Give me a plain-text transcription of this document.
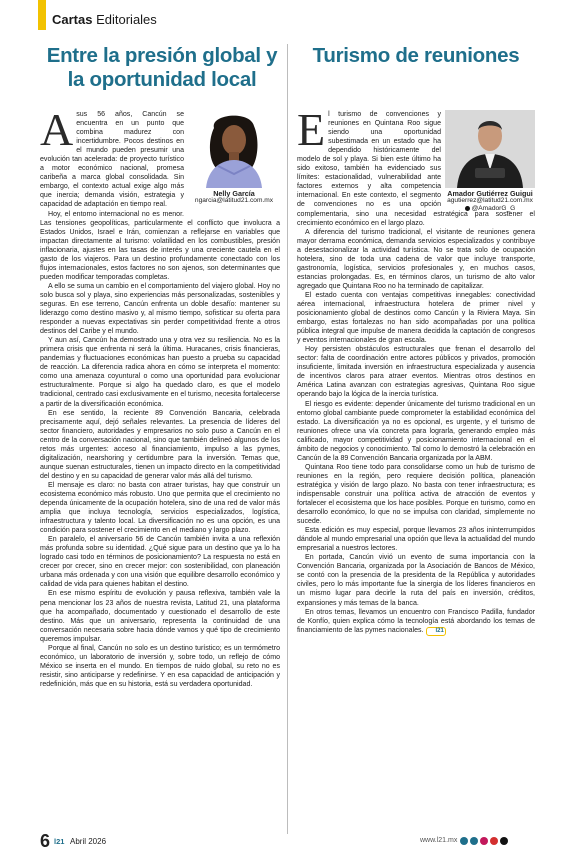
Cartas Editoriales
Entre la presión global y la oportunidad local
Turismo de reuniones
Nelly García
ngarcia@latitud21.com.mx
A sus 56 años, Cancún se encuentra en un punto que combina madurez con incertidumbre. Pocos destinos en el mundo pueden presumir una evolución tan acelerada: de proyecto turístico a motor económico nacional, promesa caribeña a marca global consolidada. Sin embargo, el contexto actual exige algo más que inercia; demanda visión, estrategia y capacidad de adaptación en tiempo real.

Hoy, el entorno internacional no es menor. Las tensiones geopolíticas, particularmente el conflicto que involucra a Estados Unidos, Israel e Irán, comienzan a reflejarse en variables que impactan directamente al turismo: volatilidad en los combustibles, presión inflacionaria, ajustes en las tasas de interés y una creciente cautela en el gasto de los viajeros. Para un destino profundamente conectado con los flujos internacionales, estos factores no son ajenos, son determinantes que pueden modificar temporadas completas.

A ello se suma un cambio en el comportamiento del viajero global. Hoy no solo busca sol y playa, sino experiencias más personalizadas, sostenibles y seguras. En ese terreno, Cancún enfrenta un doble desafío: mantener su liderazgo como destino masivo y, al mismo tiempo, sofisticar su oferta para responder a nuevas expectativas sin perder competitividad frente a otros destinos del Caribe y el mundo.

Y aun así, Cancún ha demostrado una y otra vez su resiliencia. No es la primera crisis que enfrenta ni será la última. Huracanes, crisis financieras, pandemias y fluctuaciones económicas han puesto a prueba su capacidad de reacción. La diferencia radica ahora en cómo se interpreta el momento: como una amenaza coyuntural o como una oportunidad para evolucionar estructuralmente. Porque si algo ha quedado claro, es que el modelo tradicional, centrado casi exclusivamente en el turismo, necesita fortalecerse a partir de la diversificación económica.

En ese sentido, la reciente 89 Convención Bancaria, celebrada precisamente aquí, dejó señales relevantes. La presencia de líderes del sector financiero, autoridades y empresarios no solo puso a Cancún en el centro de la conversación nacional, sino que también delineó algunos de los retos más urgentes: acceso al financiamiento, impulso a las pymes, digitalización, nearshoring y certidumbre para la inversión. Temas que, aunque suenan estructurales, tienen un impacto directo en la competitividad del destino y en su capacidad de generar valor más allá del turismo.

El mensaje es claro: no basta con atraer turistas, hay que construir un ecosistema económico más robusto. Uno que permita que el crecimiento no dependa únicamente de la ocupación hotelera, sino de una red de valor más amplia que incluya tecnología, servicios especializados, logística, infraestructura y talento local. La diversificación no es una opción, es una condición para sostener el crecimiento en el mediano y largo plazo.

En paralelo, el aniversario 56 de Cancún también invita a una reflexión más profunda sobre su identidad. ¿Qué sigue para un destino que ya lo ha logrado casi todo en términos de posicionamiento? La respuesta no está en crecer por crecer, sino en crecer mejor: con sostenibilidad, con planeación urbana más ordenada y con una visión que equilibre desarrollo económico y calidad de vida para quienes habitan el destino.

En ese mismo espíritu de evolución y pausa reflexiva, también vale la pena mencionar los 23 años de nuestra revista, Latitud 21, una plataforma que ha acompañado, documentado y cuestionado el desarrollo de este destino. Más que un aniversario, representa la continuidad de una conversación necesaria sobre hacia dónde vamos y qué tipo de crecimiento queremos impulsar.

Porque al final, Cancún no solo es un destino turístico; es un termómetro económico, un laboratorio de inversión y, sobre todo, un reflejo de cómo México se inserta en el mundo. En tiempos de ruido global, su reto no es resistir, sino anticiparse y redefinirse. Y en esa capacidad de anticipación y redefinición, más que en su historia, está su verdadera oportunidad.

Amador Gutiérrez Guigui
agutierrez@latitud21.com.mx
@AmadorG_G
E l turismo de convenciones y reuniones en Quintana Roo sigue siendo una oportunidad subestimada en un estado que ha dependido históricamente del modelo de sol y playa. Si bien este último ha sido exitoso, también ha evidenciado sus límites: estacionalidad, vulnerabilidad ante factores externos y alta competencia internacional. En este contexto, el segmento de convenciones no es una opción complementaria, sino una necesidad estratégica para sostener el crecimiento económico en el largo plazo.

A diferencia del turismo tradicional, el visitante de reuniones genera mayor derrama económica, demanda servicios especializados y contribuye a desestacionalizar la actividad turística. No se trata solo de ocupación hotelera, sino de toda una cadena de valor que incluye transporte, gastronomía, logística, servicios profesionales y, en muchos casos, estancias prolongadas. Es, en términos claros, un turismo de alto valor agregado que Quintana Roo no ha terminado de capitalizar.

El estado cuenta con ventajas competitivas innegables: conectividad aérea internacional, infraestructura hotelera de primer nivel y posicionamiento global de destinos como Cancún y la Riviera Maya. Sin embargo, estas fortalezas no han sido acompañadas por una política pública integral que impulse de manera decidida la captación de congresos y eventos internacionales de gran escala.

Hoy persisten obstáculos estructurales que frenan el desarrollo del sector: falta de coordinación entre actores públicos y privados, promoción insuficiente, limitada inversión en infraestructura especializada y ausencia de incentivos claros para atraer eventos. Mientras otros destinos en América Latina avanzan con estrategias agresivas, Quintana Roo sigue operando bajo la lógica de la inercia turística.

El riesgo es evidente: depender únicamente del turismo tradicional en un entorno global cambiante puede comprometer la estabilidad económica del estado. La diversificación ya no es opcional, es urgente, y el turismo de reuniones ofrece una vía concreta para lograrla, generando empleo más calificado, mayor competitividad y posicionamiento internacional en el ámbito de negocios y conocimiento. Tal como lo demostró la celebración en Cancún de la 89 Convención Bancaria organizada por la ABM.

Quintana Roo tiene todo para consolidarse como un hub de turismo de reuniones en la región, pero requiere decisión política, planeación estratégica y visión de largo plazo. No basta con tener infraestructura; es indispensable construir una política activa de atracción de eventos y fortalecer el ecosistema que los hace posibles. Porque en turismo, como en desarrollo económico, lo que no se impulsa con claridad, simplemente no sucede.

Esta edición es muy especial, porque llevamos 23 años ininterrumpidos dándole al mundo empresarial una opción que lleva la actualidad del mundo empresarial a nuestros lectores.

En portada, Cancún vivió un evento de suma importancia con la Convención Bancaria, organizada por la Asociación de Bancos de México, se contó con la presencia de la presidenta de la República y autoridades civiles, pero lo más importante fue la sinergia de los líderes financieros en un mismo lugar para decirle la ruta del país en inversión, créditos, expansiones y más temas de la banca.

En otros temas, llevamos un encuentro con Francisco Padilla, fundador de Konfío, quien explica cómo la tecnología está abordando los temas de financiamiento de las pymes nacionales. l21

6 l21 Abril 2026	www.l21.mx
